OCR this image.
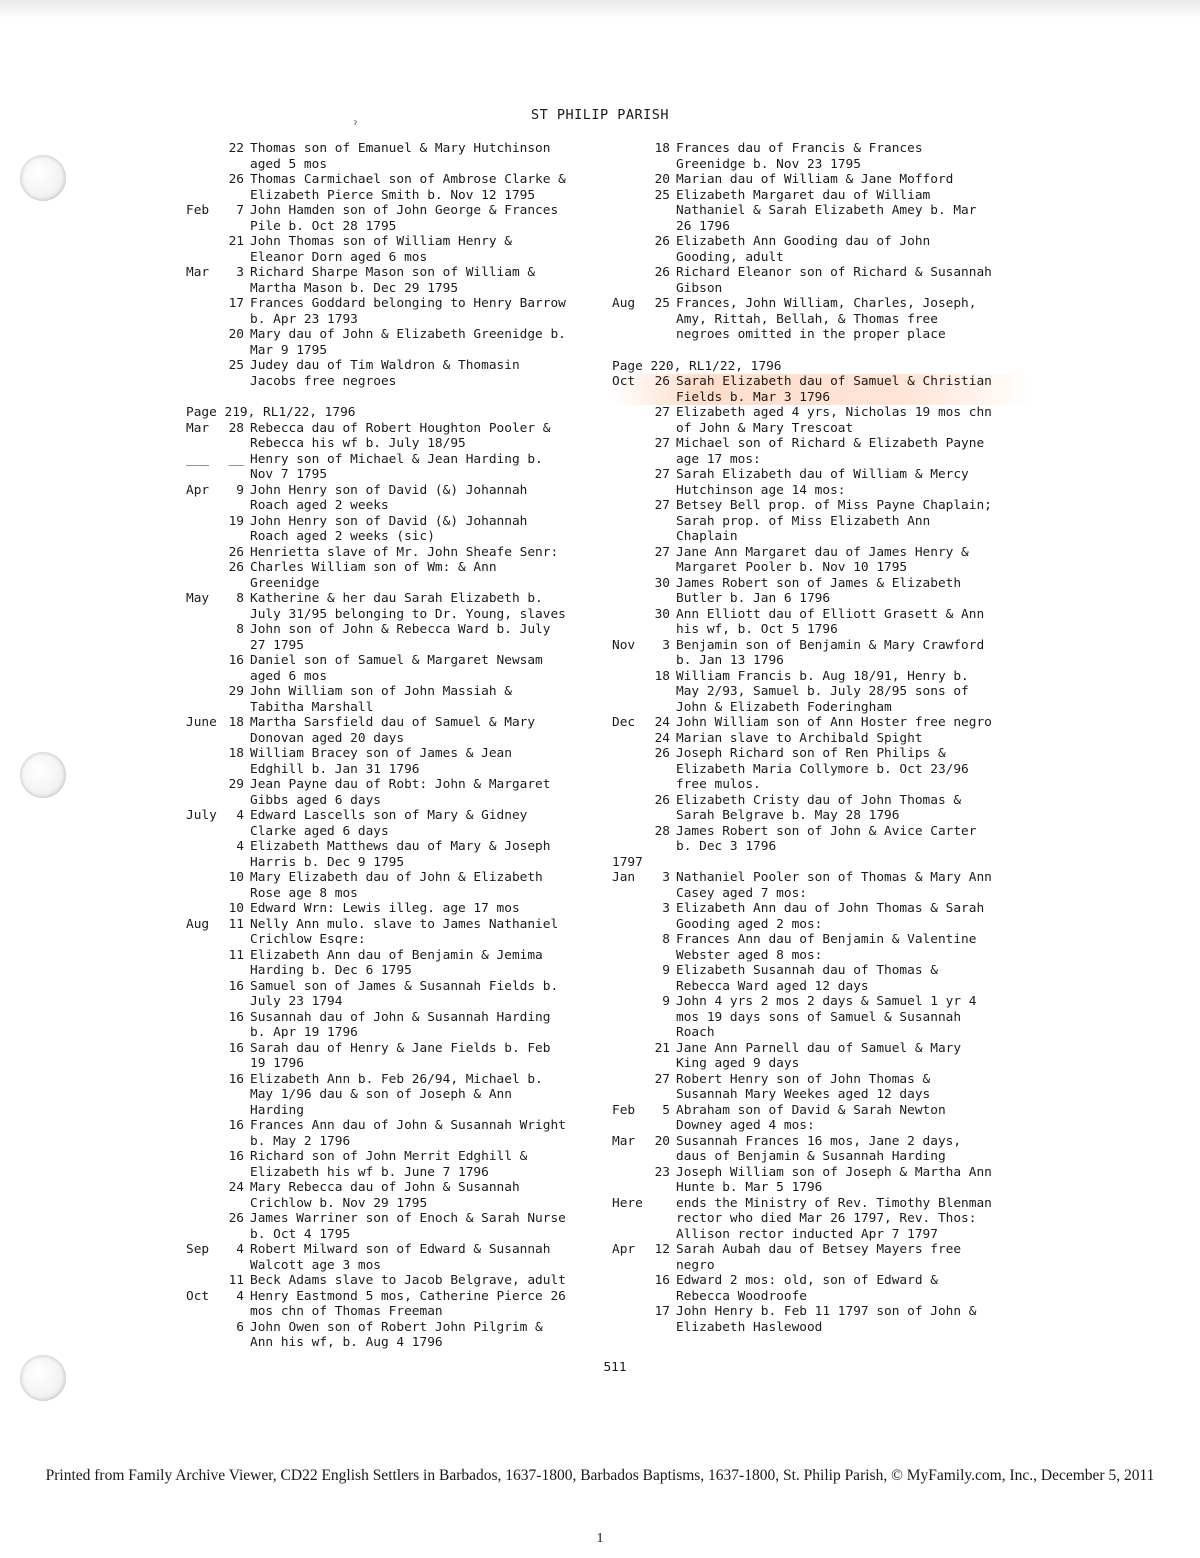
ST PHILIP PARISH
ˀ
22 Thomas son of Emanuel & Mary Hutchinson
aged 5 mos
26 Thomas Carmichael son of Ambrose Clarke &
Elizabeth Pierce Smith b. Nov 12 1795
Feb	7 John Hamden son of John George & Frances
Pile b. Oct 28 1795
21 John Thomas son of William Henry &
Eleanor Dorn aged 6 mos
Mar	3 Richard Sharpe Mason son of William &
Martha Mason b. Dec 29 1795
17 Frances Goddard belonging to Henry Barrow
b. Apr 23 1793
20 Mary dau of John & Elizabeth Greenidge b.
Mar 9 1795
25 Judey dau of Tim Waldron & Thomasin
Jacobs free negroes
Page 219, RL1/22, 1796
Mar	28 Rebecca dau of Robert Houghton Pooler &
Rebecca his wf b. July 18/95
___	__ Henry son of Michael & Jean Harding b.
Nov 7 1795
Apr	9 John Henry son of David (&) Johannah
Roach aged 2 weeks
19 John Henry son of David (&) Johannah
Roach aged 2 weeks (sic)
26 Henrietta slave of Mr. John Sheafe Senr:
26 Charles William son of Wm: & Ann
Greenidge
May	8 Katherine & her dau Sarah Elizabeth b.
July 31/95 belonging to Dr. Young, slaves
8 John son of John & Rebecca Ward b. July
27 1795
16 Daniel son of Samuel & Margaret Newsam
aged 6 mos
29 John William son of John Massiah &
Tabitha Marshall
June 18 Martha Sarsfield dau of Samuel & Mary
Donovan aged 20 days
18 William Bracey son of James & Jean
Edghill b. Jan 31 1796
29 Jean Payne dau of Robt: John & Margaret
Gibbs aged 6 days
July	4 Edward Lascells son of Mary & Gidney
Clarke aged 6 days
4 Elizabeth Matthews dau of Mary & Joseph
Harris b. Dec 9 1795
10 Mary Elizabeth dau of John & Elizabeth
Rose age 8 mos
10 Edward Wrn: Lewis illeg. age 17 mos
Aug	11 Nelly Ann mulo. slave to James Nathaniel
Crichlow Esqre:
11 Elizabeth Ann dau of Benjamin & Jemima
Harding b. Dec 6 1795
16 Samuel son of James & Susannah Fields b.
July 23 1794
16 Susannah dau of John & Susannah Harding
b. Apr 19 1796
16 Sarah dau of Henry & Jane Fields b. Feb
19 1796
16 Elizabeth Ann b. Feb 26/94, Michael b.
May 1/96 dau & son of Joseph & Ann
Harding
16 Frances Ann dau of John & Susannah Wright
b. May 2 1796
16 Richard son of John Merrit Edghill &
Elizabeth his wf b. June 7 1796
24 Mary Rebecca dau of John & Susannah
Crichlow b. Nov 29 1795
26 James Warriner son of Enoch & Sarah Nurse
b. Oct 4 1795
Sep	4 Robert Milward son of Edward & Susannah
Walcott age 3 mos
11 Beck Adams slave to Jacob Belgrave, adult
Oct	4 Henry Eastmond 5 mos, Catherine Pierce 26
mos chn of Thomas Freeman
6 John Owen son of Robert John Pilgrim &
Ann his wf, b. Aug 4 1796
18 Frances dau of Francis & Frances
Greenidge b. Nov 23 1795
20 Marian dau of William & Jane Mofford
25 Elizabeth Margaret dau of William
Nathaniel & Sarah Elizabeth Amey b. Mar
26 1796
26 Elizabeth Ann Gooding dau of John
Gooding, adult
26 Richard Eleanor son of Richard & Susannah
Gibson
Aug	25 Frances, John William, Charles, Joseph,
Amy, Rittah, Bellah, & Thomas free
negroes omitted in the proper place
Page 220, RL1/22, 1796
Oct	26 Sarah Elizabeth dau of Samuel & Christian
Fields b. Mar 3 1796
27 Elizabeth aged 4 yrs, Nicholas 19 mos chn
of John & Mary Trescoat
27 Michael son of Richard & Elizabeth Payne
age 17 mos:
27 Sarah Elizabeth dau of William & Mercy
Hutchinson age 14 mos:
27 Betsey Bell prop. of Miss Payne Chaplain;
Sarah prop. of Miss Elizabeth Ann
Chaplain
27 Jane Ann Margaret dau of James Henry &
Margaret Pooler b. Nov 10 1795
30 James Robert son of James & Elizabeth
Butler b. Jan 6 1796
30 Ann Elliott dau of Elliott Grasett & Ann
his wf, b. Oct 5 1796
Nov	3 Benjamin son of Benjamin & Mary Crawford
b. Jan 13 1796
18 William Francis b. Aug 18/91, Henry b.
May 2/93, Samuel b. July 28/95 sons of
John & Elizabeth Foderingham
Dec	24 John William son of Ann Hoster free negro
24 Marian slave to Archibald Spight
26 Joseph Richard son of Ren Philips &
Elizabeth Maria Collymore b. Oct 23/96
free mulos.
26 Elizabeth Cristy dau of John Thomas &
Sarah Belgrave b. May 28 1796
28 James Robert son of John & Avice Carter
b. Dec 3 1796
1797
Jan	3 Nathaniel Pooler son of Thomas & Mary Ann
Casey aged 7 mos:
3 Elizabeth Ann dau of John Thomas & Sarah
Gooding aged 2 mos:
8 Frances Ann dau of Benjamin & Valentine
Webster aged 8 mos:
9 Elizabeth Susannah dau of Thomas &
Rebecca Ward aged 12 days
9 John 4 yrs 2 mos 2 days & Samuel 1 yr 4
mos 19 days sons of Samuel & Susannah
Roach
21 Jane Ann Parnell dau of Samuel & Mary
King aged 9 days
27 Robert Henry son of John Thomas &
Susannah Mary Weekes aged 12 days
Feb	5 Abraham son of David & Sarah Newton
Downey aged 4 mos:
Mar	20 Susannah Frances 16 mos, Jane 2 days,
daus of Benjamin & Susannah Harding
23 Joseph William son of Joseph & Martha Ann
Hunte b. Mar 5 1796
Here	ends the Ministry of Rev. Timothy Blenman
rector who died Mar 26 1797, Rev. Thos:
Allison rector inducted Apr 7 1797
Apr	12 Sarah Aubah dau of Betsey Mayers free
negro
16 Edward 2 mos: old, son of Edward &
Rebecca Woodroofe
17 John Henry b. Feb 11 1797 son of John &
Elizabeth Haslewood
511
Printed from Family Archive Viewer, CD22 English Settlers in Barbados, 1637-1800, Barbados Baptisms, 1637-1800, St. Philip Parish, © MyFamily.com, Inc., December 5, 2011
1
